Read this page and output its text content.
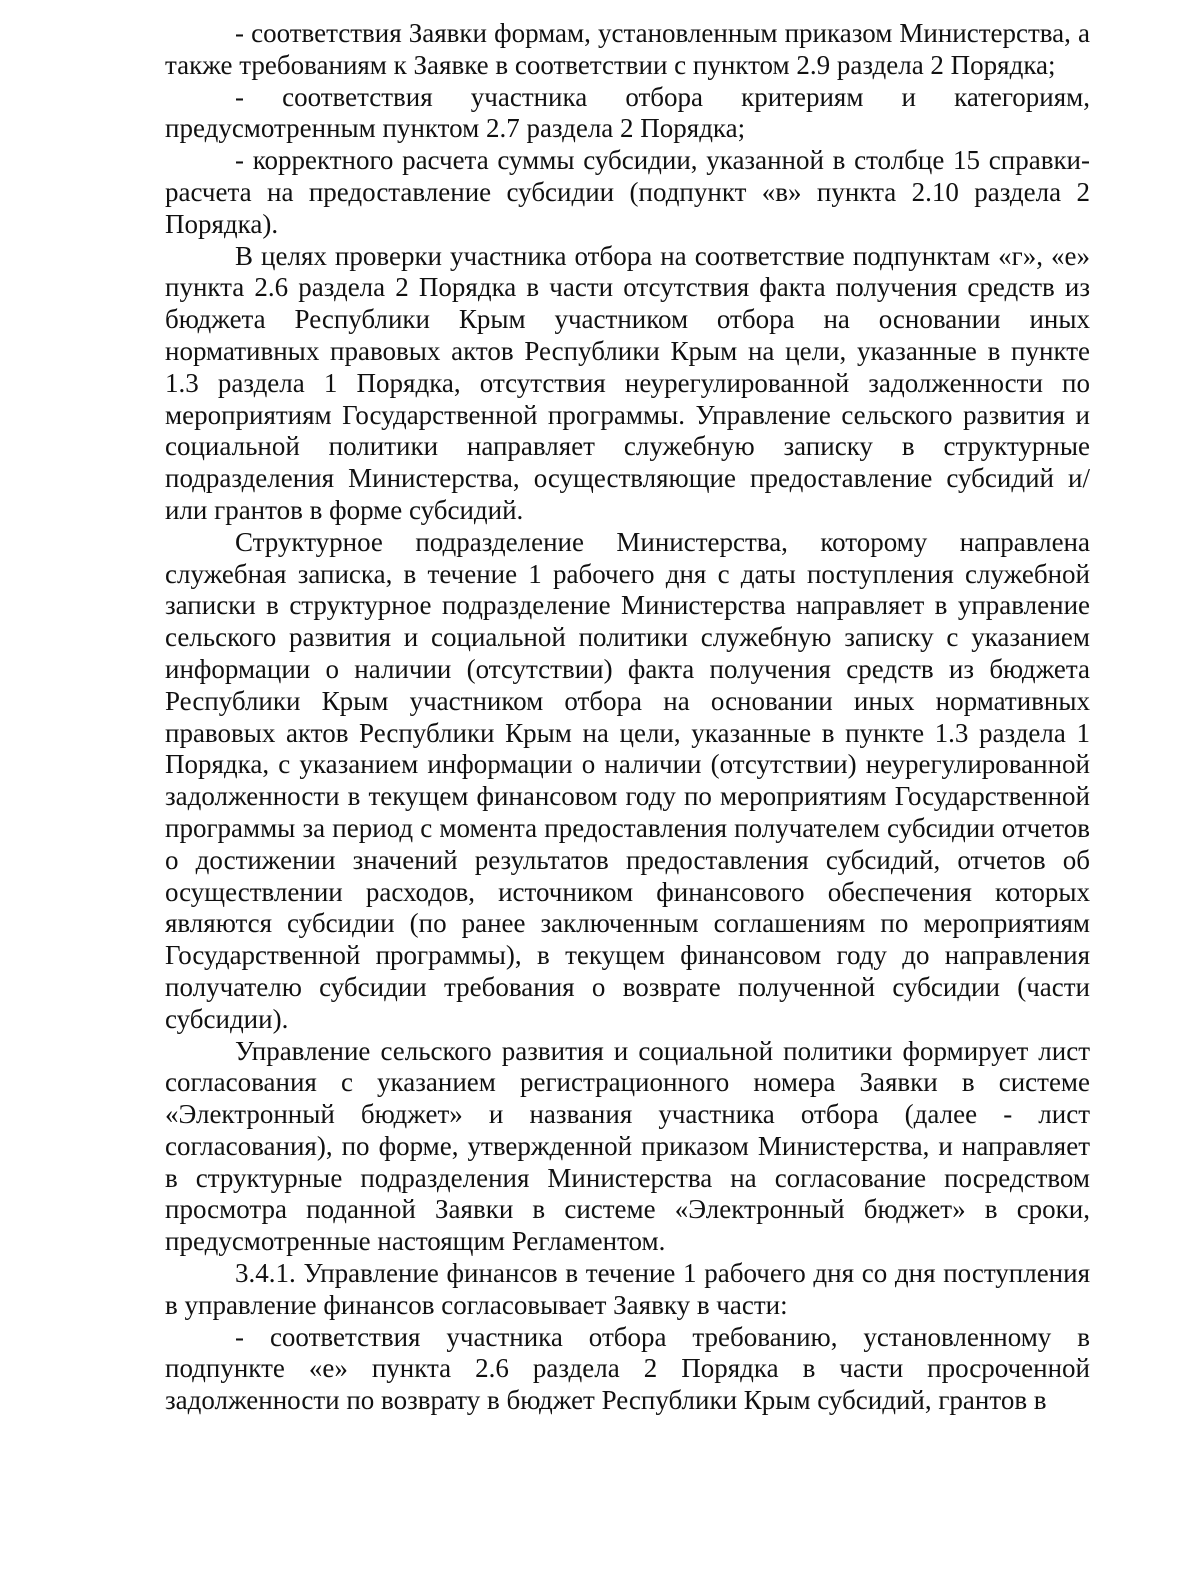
- соответствия Заявки формам, установленным приказом Министерства, а также требованиям к Заявке в соответствии с пунктом 2.9 раздела 2 Порядка;

- соответствия участника отбора критериям и категориям, предусмотренным пунктом 2.7 раздела 2 Порядка;

- корректного расчета суммы субсидии, указанной в столбце 15 справки-расчета на предоставление субсидии (подпункт «в» пункта 2.10 раздела 2 Порядка).

В целях проверки участника отбора на соответствие подпунктам «г», «е» пункта 2.6 раздела 2 Порядка в части отсутствия факта получения средств из бюджета Республики Крым участником отбора на основании иных нормативных правовых актов Республики Крым на цели, указанные в пункте 1.3 раздела 1 Порядка, отсутствия неурегулированной задолженности по мероприятиям Государственной программы. Управление сельского развития и социальной политики направляет служебную записку в структурные подразделения Министерства, осуществляющие предоставление субсидий и/или грантов в форме субсидий.

Структурное подразделение Министерства, которому направлена служебная записка, в течение 1 рабочего дня с даты поступления служебной записки в структурное подразделение Министерства направляет в управление сельского развития и социальной политики служебную записку с указанием информации о наличии (отсутствии) факта получения средств из бюджета Республики Крым участником отбора на основании иных нормативных правовых актов Республики Крым на цели, указанные в пункте 1.3 раздела 1 Порядка, с указанием информации о наличии (отсутствии) неурегулированной задолженности в текущем финансовом году по мероприятиям Государственной программы за период с момента предоставления получателем субсидии отчетов о достижении значений результатов предоставления субсидий, отчетов об осуществлении расходов, источником финансового обеспечения которых являются субсидии (по ранее заключенным соглашениям по мероприятиям Государственной программы), в текущем финансовом году до направления получателю субсидии требования о возврате полученной субсидии (части субсидии).

Управление сельского развития и социальной политики формирует лист согласования с указанием регистрационного номера Заявки в системе «Электронный бюджет» и названия участника отбора (далее - лист согласования), по форме, утвержденной приказом Министерства, и направляет в структурные подразделения Министерства на согласование посредством просмотра поданной Заявки в системе «Электронный бюджет» в сроки, предусмотренные настоящим Регламентом.

3.4.1. Управление финансов в течение 1 рабочего дня со дня поступления в управление финансов согласовывает Заявку в части:

- соответствия участника отбора требованию, установленному в подпункте «е» пункта 2.6 раздела 2 Порядка в части просроченной задолженности по возврату в бюджет Республики Крым субсидий, грантов в
